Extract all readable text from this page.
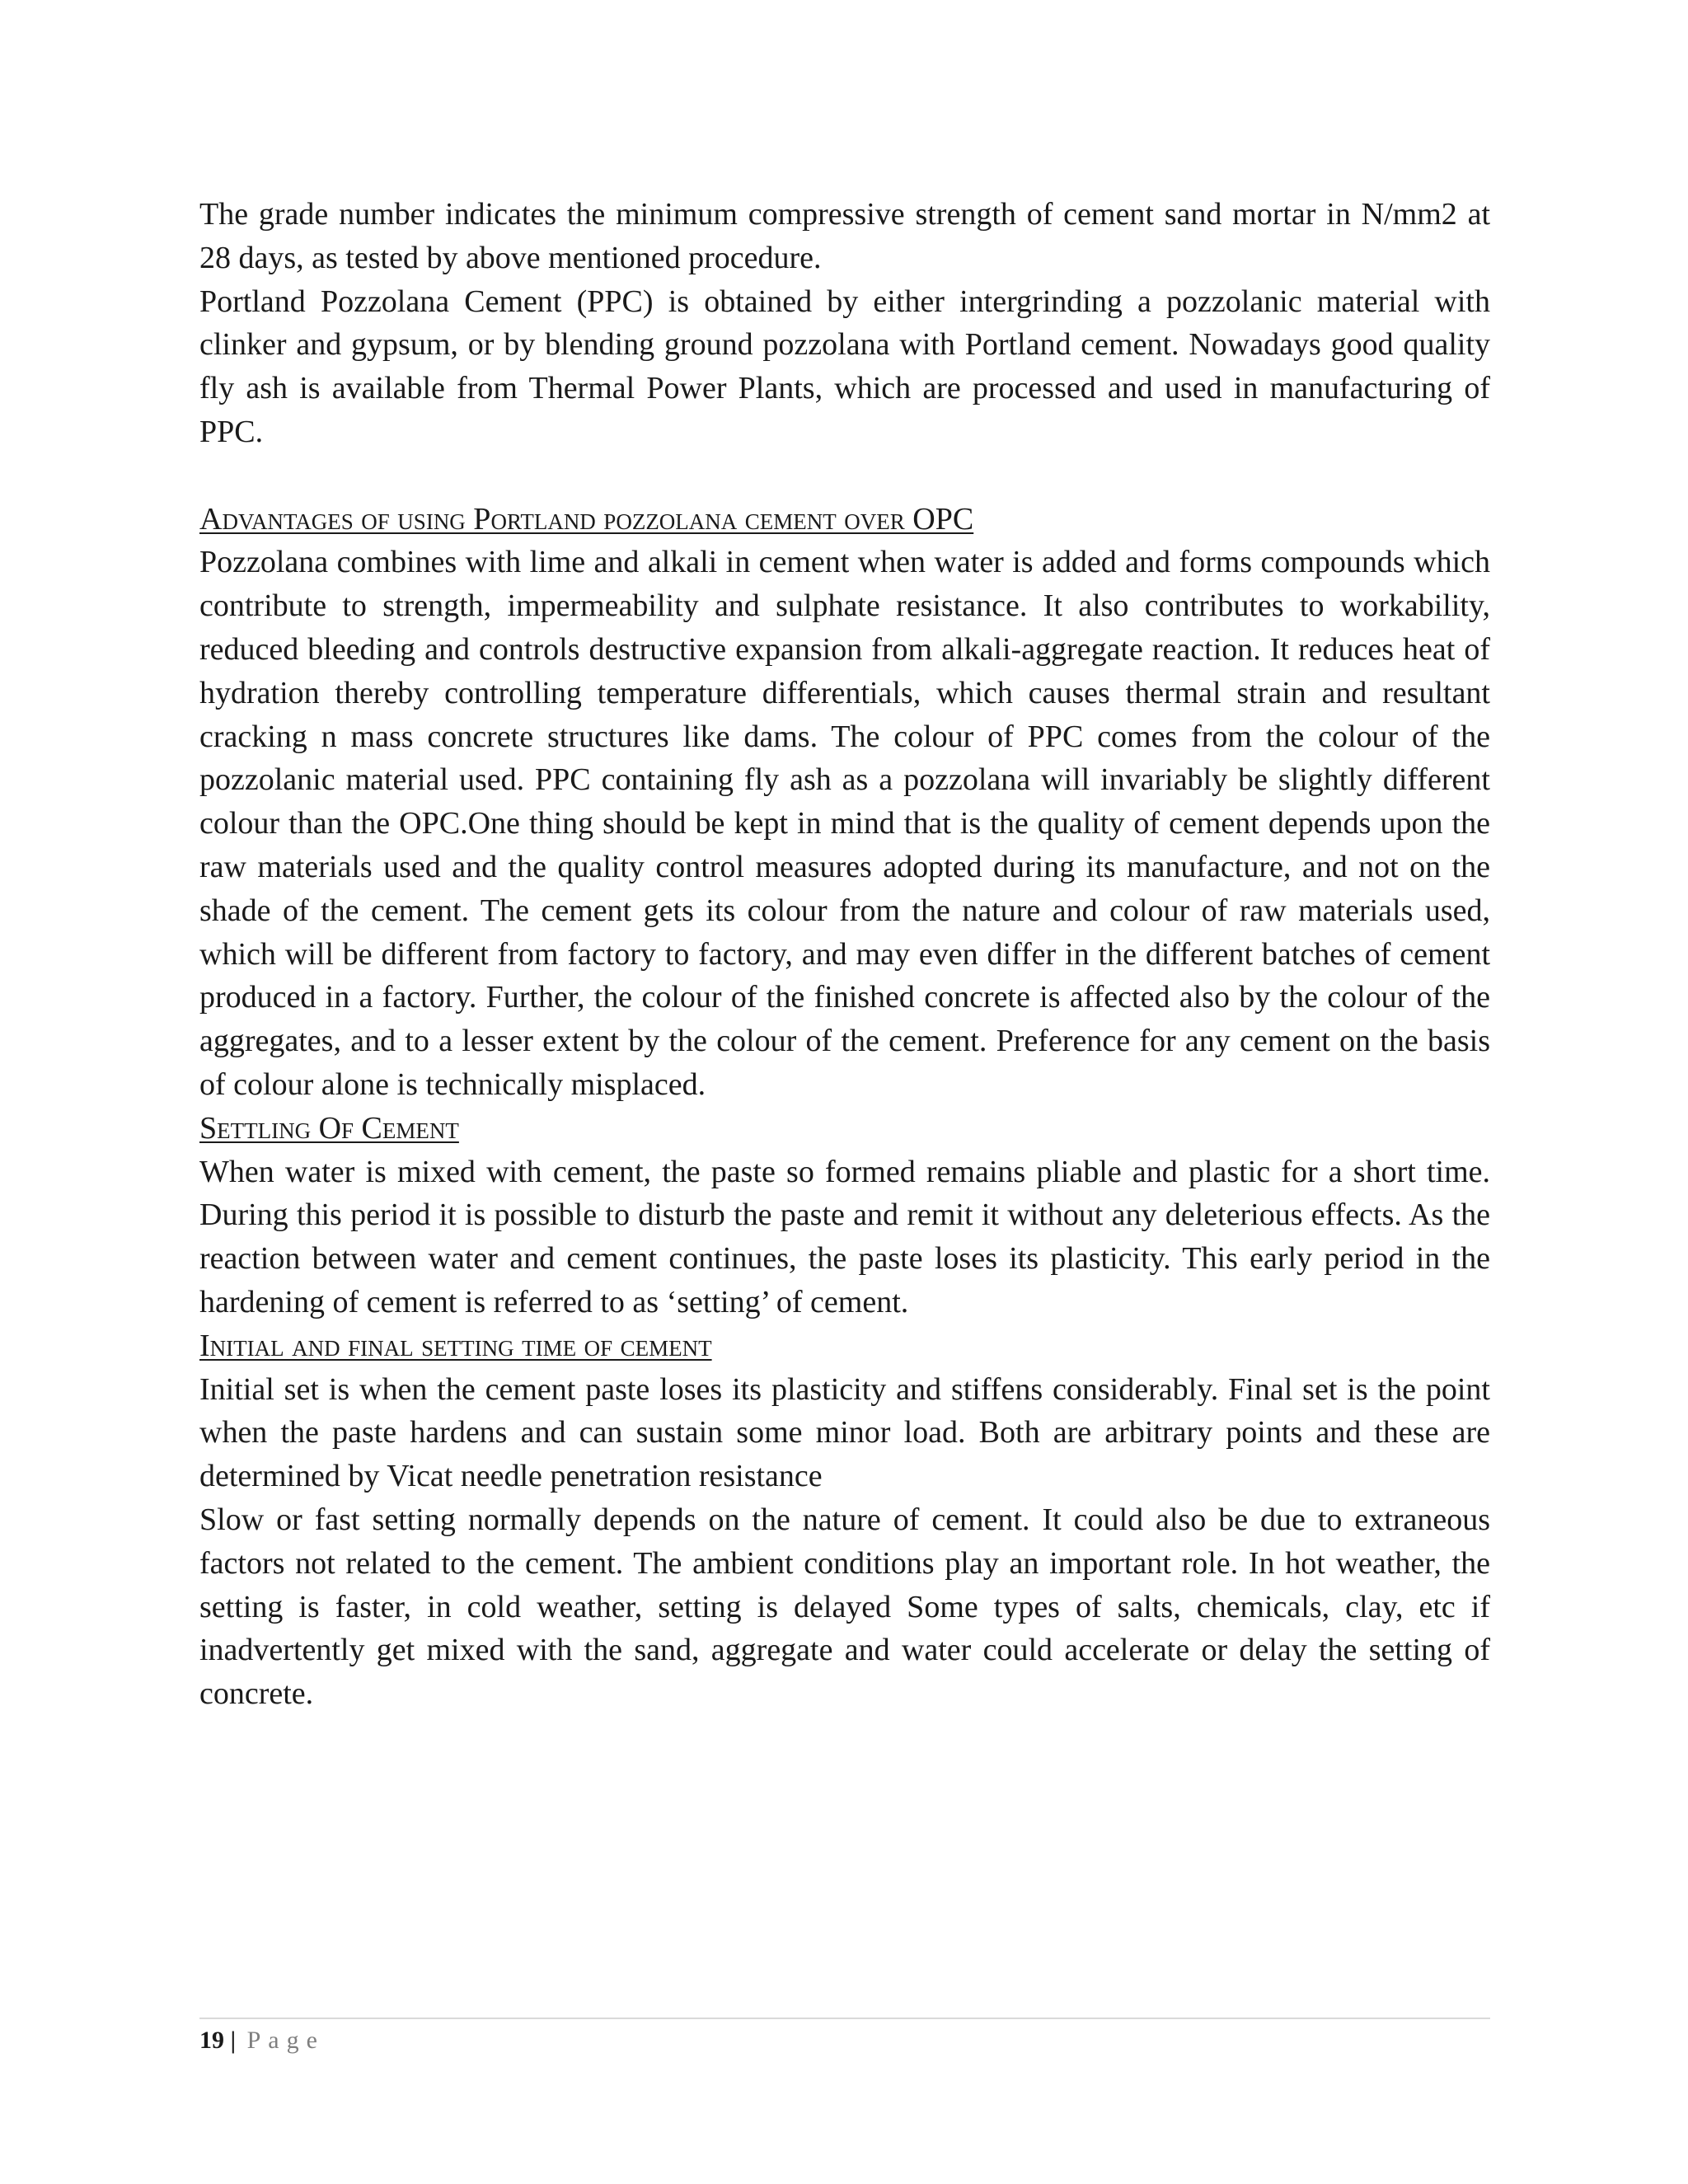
The grade number indicates the minimum compressive strength of cement sand mortar in N/mm2 at 28 days, as tested by above mentioned procedure.

Portland Pozzolana Cement (PPC) is obtained by either intergrinding a pozzolanic material with clinker and gypsum, or by blending ground pozzolana with Portland cement. Nowadays good quality fly ash is available from Thermal Power Plants, which are processed and used in manufacturing of PPC.

Advantages of using Portland pozzolana cement over OPC

Pozzolana combines with lime and alkali in cement when water is added and forms compounds which contribute to strength, impermeability and sulphate resistance. It also contributes to workability, reduced bleeding and controls destructive expansion from alkali-aggregate reaction. It reduces heat of hydration thereby controlling temperature differentials, which causes thermal strain and resultant cracking n mass concrete structures like dams. The colour of PPC comes from the colour of the pozzolanic material used. PPC containing fly ash as a pozzolana will invariably be slightly different colour than the OPC.One thing should be kept in mind that is the quality of cement depends upon the raw materials used and the quality control measures adopted during its manufacture, and not on the shade of the cement. The cement gets its colour from the nature and colour of raw materials used, which will be different from factory to factory, and may even differ in the different batches of cement produced in a factory. Further, the colour of the finished concrete is affected also by the colour of the aggregates, and to a lesser extent by the colour of the cement. Preference for any cement on the basis of colour alone is technically misplaced.

Settling Of Cement

When water is mixed with cement, the paste so formed remains pliable and plastic for a short time. During this period it is possible to disturb the paste and remit it without any deleterious effects. As the reaction between water and cement continues, the paste loses its plasticity. This early period in the hardening of cement is referred to as ‘setting’ of cement.

Initial and final setting time of cement

Initial set is when the cement paste loses its plasticity and stiffens considerably. Final set is the point when the paste hardens and can sustain some minor load. Both are arbitrary points and these are determined by Vicat needle penetration resistance

Slow or fast setting normally depends on the nature of cement. It could also be due to extraneous factors not related to the cement. The ambient conditions play an important role. In hot weather, the setting is faster, in cold weather, setting is delayed Some types of salts, chemicals, clay, etc if inadvertently get mixed with the sand, aggregate and water could accelerate or delay the setting of concrete.

19 | Page
